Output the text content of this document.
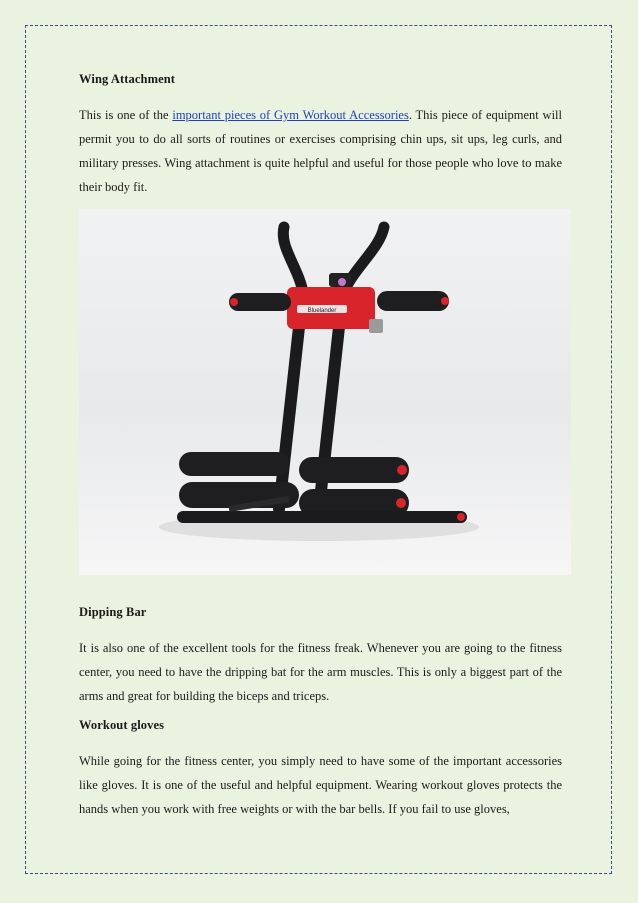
Wing Attachment

This is one of the important pieces of Gym Workout Accessories. This piece of equipment will permit you to do all sorts of routines or exercises comprising chin ups, sit ups, leg curls, and military presses. Wing attachment is quite helpful and useful for those people who love to make their body fit.

Bluelander
Dipping Bar

It is also one of the excellent tools for the fitness freak. Whenever you are going to the fitness center, you need to have the dripping bat for the arm muscles. This is only a biggest part of the arms and great for building the biceps and triceps.

Workout gloves

While going for the fitness center, you simply need to have some of the important accessories like gloves. It is one of the useful and helpful equipment. Wearing workout gloves protects the hands when you work with free weights or with the bar bells. If you fail to use gloves,
